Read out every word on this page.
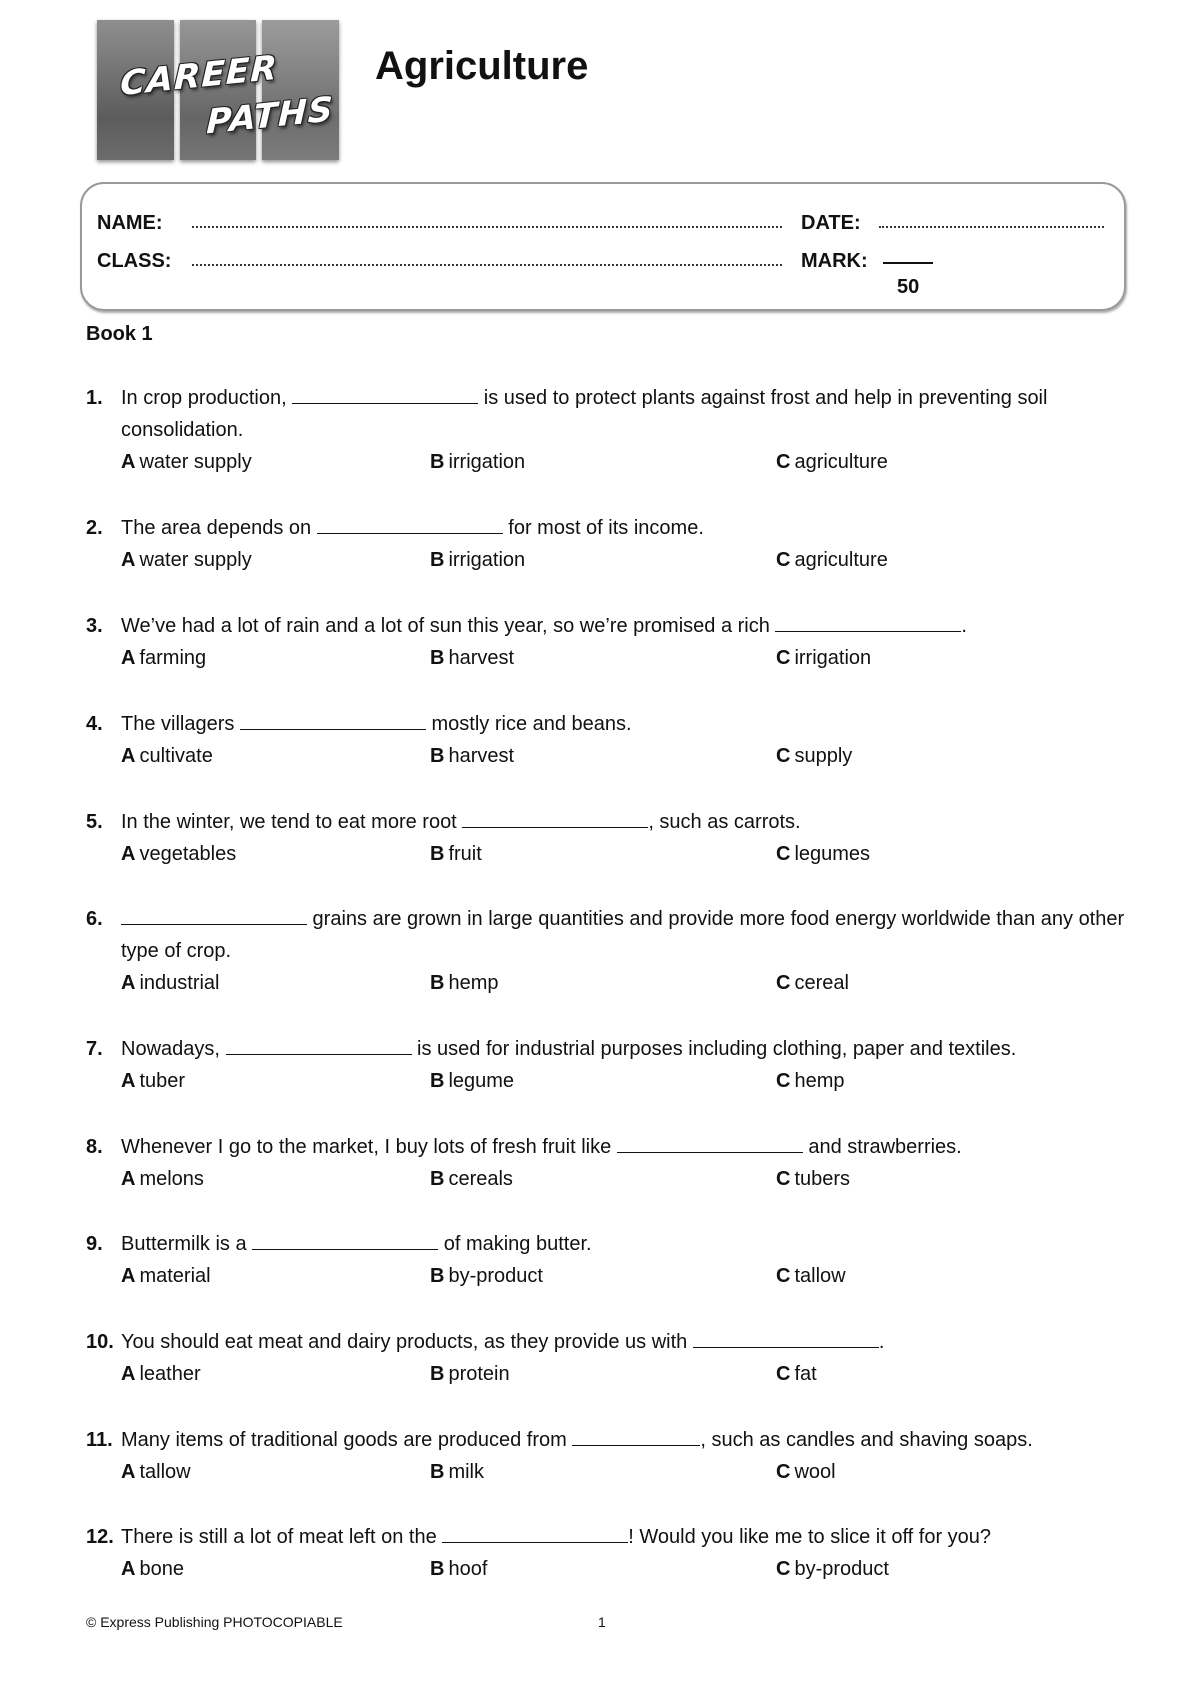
CAREER
PATHS
Agriculture
NAME:	DATE:
CLASS:	MARK:
50
Book 1
1. In crop production,	is used to protect plants against frost and help in preventing soil consolidation.
A water supply	B irrigation	C agriculture
2. The area depends on	for most of its income.
A water supply	B irrigation	C agriculture
3. We’ve had a lot of rain and a lot of sun this year, so we’re promised a rich	.
A farming	B harvest	C irrigation
4. The villagers	mostly rice and beans.
A cultivate	B harvest	C supply
5. In the winter, we tend to eat more root	, such as carrots.
A vegetables	B fruit	C legumes
6.	grains are grown in large quantities and provide more food energy worldwide than any other type of crop.
A industrial	B hemp	C cereal
7. Nowadays,	is used for industrial purposes including clothing, paper and textiles.
A tuber	B legume	C hemp
8. Whenever I go to the market, I buy lots of fresh fruit like	and strawberries.
A melons	B cereals	C tubers
9. Buttermilk is a	of making butter.
A material	B by-product	C tallow
10. You should eat meat and dairy products, as they provide us with	.
A leather	B protein	C fat
11. Many items of traditional goods are produced from	, such as candles and shaving soaps.
A tallow	B milk	C wool
12. There is still a lot of meat left on the	! Would you like me to slice it off for you?
A bone	B hoof	C by-product
© Express Publishing PHOTOCOPIABLE	1
